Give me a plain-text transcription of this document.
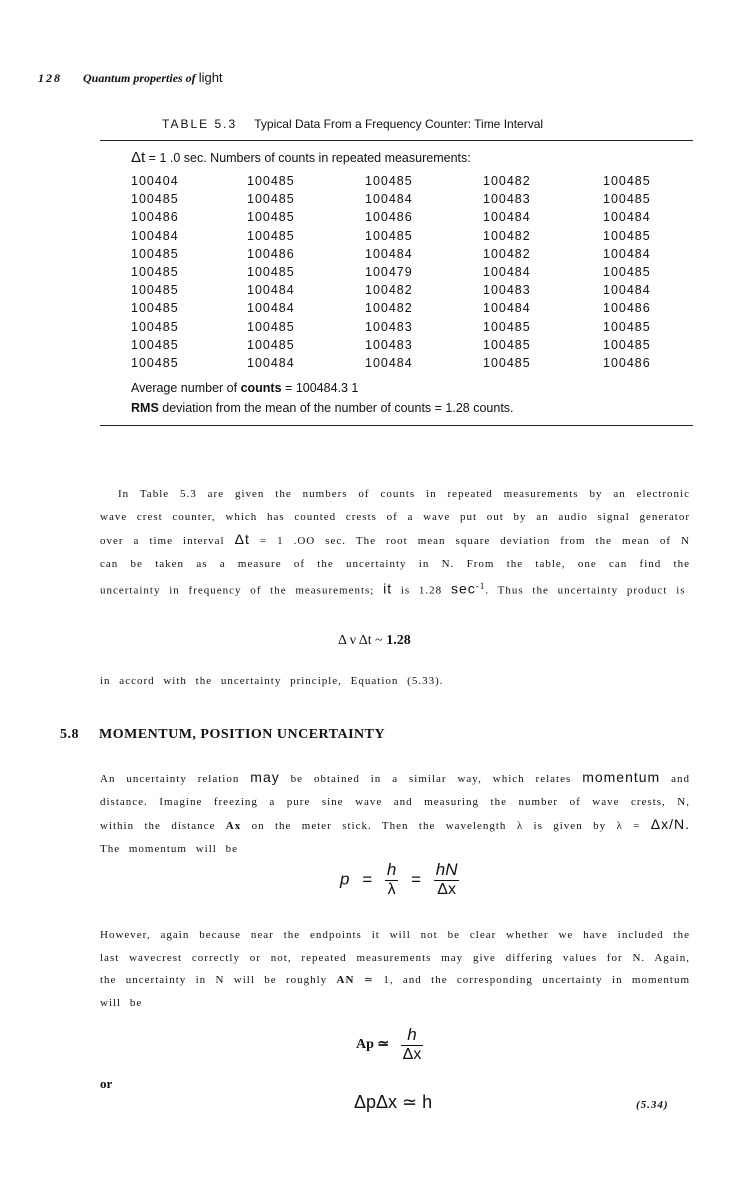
128 Quantum properties of light
TABLE 5.3 Typical Data From a Frequency Counter: Time Interval
Δt = 1 .0 sec. Numbers of counts in repeated measurements:
100404	100485	100485	100482	100485
100485	100485	100484	100483	100485
100486	100485	100486	100484	100484
100484	100485	100485	100482	100485
100485	100486	100484	100482	100484
100485	100485	100479	100484	100485
100485	100484	100482	100483	100484
100485	100484	100482	100484	100486
100485	100485	100483	100485	100485
100485	100485	100483	100485	100485
100485	100484	100484	100485	100486
Average number of counts = 100484.3 1
RMS deviation from the mean of the number of counts = 1.28 counts.
In Table 5.3 are given the numbers of counts in repeated measurements by an electronic wave crest counter, which has counted crests of a wave put out by an audio signal generator over a time interval Δt = 1 .OO sec. The root mean square deviation from the mean of N can be taken as a measure of the uncertainty in N. From the table, one can find the uncertainty in frequency of the measurements; it is 1.28 $\sec^{-1}$. Thus the uncertainty product is
Δ ν Δt ~ 1.28
in accord with the uncertainty principle, Equation (5.33).
5.8 MOMENTUM, POSITION UNCERTAINTY
An uncertainty relation may be obtained in a similar way, which relates momentum and distance. Imagine freezing a pure sine wave and measuring the number of wave crests, N, within the distance Ax on the meter stick. Then the wavelength λ is given by λ = Δx/N. The momentum will be
$p = \frac{h}{\lambda} = \frac{hN}{\Delta x}$
However, again because near the endpoints it will not be clear whether we have included the last wavecrest correctly or not, repeated measurements may give differing values for N. Again, the uncertainty in N will be roughly AN ≃ 1, and the corresponding uncertainty in momentum will be
Ap ≃ $\frac{h}{\Delta x}$
or
ΔpΔx ≃ h	(5.34)
